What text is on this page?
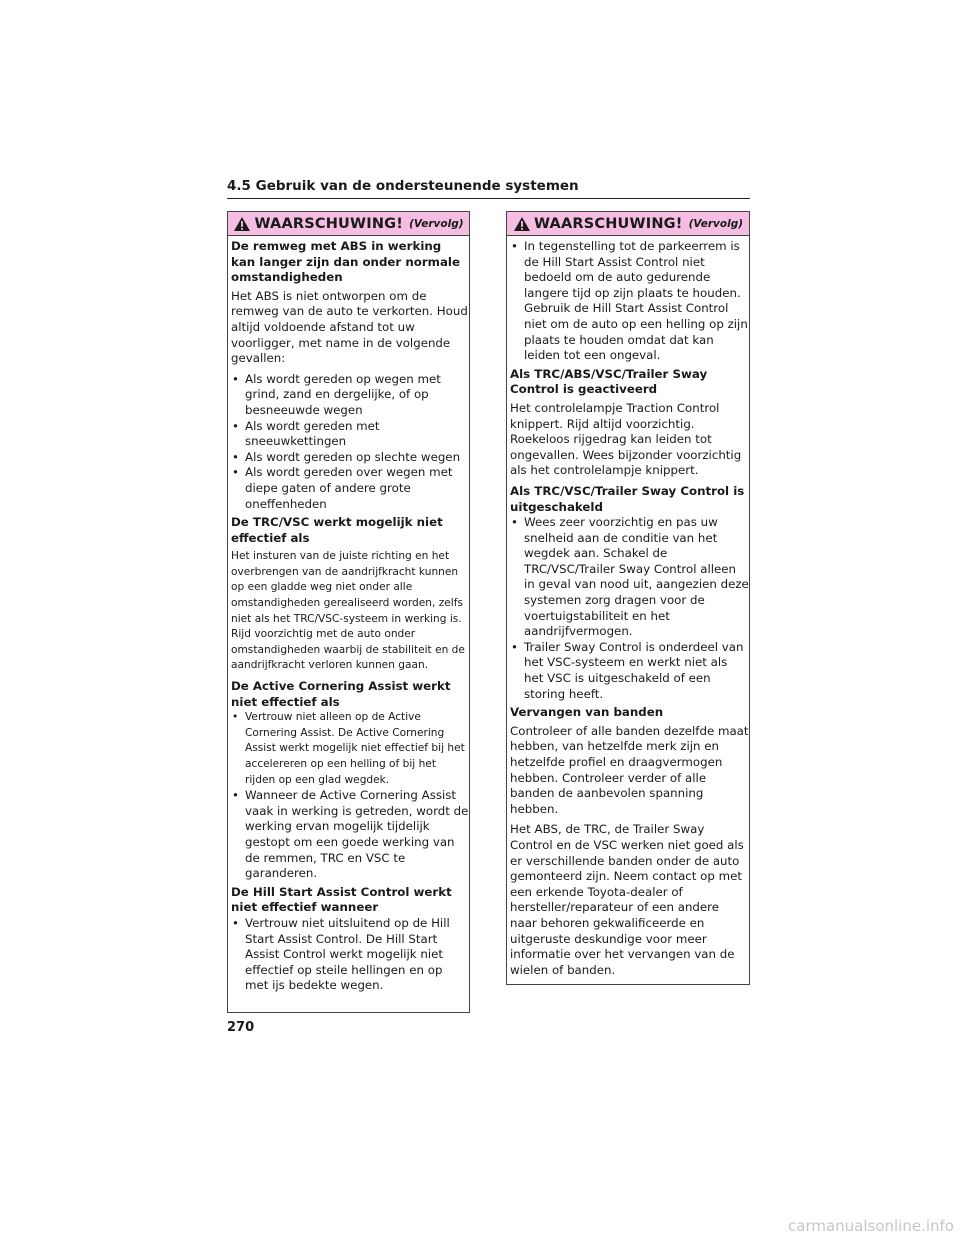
4.5 Gebruik van de ondersteunende systemen
WAARSCHUWING! (Vervolg)
De remweg met ABS in werking kan langer zijn dan onder normale omstandigheden

Het ABS is niet ontworpen om de remweg van de auto te verkorten. Houd altijd voldoende afstand tot uw voorligger, met name in de volgende gevallen:

• Als wordt gereden op wegen met grind, zand en dergelijke, of op besneeuwde wegen
• Als wordt gereden met sneeuwkettingen
• Als wordt gereden op slechte wegen
• Als wordt gereden over wegen met diepe gaten of andere grote oneffenheden
De TRC/VSC werkt mogelijk niet effectief als

Het insturen van de juiste richting en het overbrengen van de aandrijfkracht kunnen op een gladde weg niet onder alle omstandigheden gerealiseerd worden, zelfs niet als het TRC/VSC-systeem in werking is. Rijd voorzichtig met de auto onder omstandigheden waarbij de stabiliteit en de aandrijfkracht verloren kunnen gaan.

De Active Cornering Assist werkt niet effectief als
• Vertrouw niet alleen op de Active Cornering Assist. De Active Cornering Assist werkt mogelijk niet effectief bij het accelereren op een helling of bij het rijden op een glad wegdek.
• Wanneer de Active Cornering Assist vaak in werking is getreden, wordt de werking ervan mogelijk tijdelijk gestopt om een goede werking van de remmen, TRC en VSC te garanderen.
De Hill Start Assist Control werkt niet effectief wanneer
• Vertrouw niet uitsluitend op de Hill Start Assist Control. De Hill Start Assist Control werkt mogelijk niet effectief op steile hellingen en op met ijs bedekte wegen.
WAARSCHUWING! (Vervolg)
• In tegenstelling tot de parkeerrem is de Hill Start Assist Control niet bedoeld om de auto gedurende langere tijd op zijn plaats te houden. Gebruik de Hill Start Assist Control niet om de auto op een helling op zijn plaats te houden omdat dat kan leiden tot een ongeval.
Als TRC/ABS/VSC/Trailer Sway Control is geactiveerd

Het controlelampje Traction Control knippert. Rijd altijd voorzichtig. Roekeloos rijgedrag kan leiden tot ongevallen. Wees bijzonder voorzichtig als het controlelampje knippert.

Als TRC/VSC/Trailer Sway Control is uitgeschakeld
• Wees zeer voorzichtig en pas uw snelheid aan de conditie van het wegdek aan. Schakel de TRC/VSC/Trailer Sway Control alleen in geval van nood uit, aangezien deze systemen zorg dragen voor de voertuigstabiliteit en het aandrijfvermogen.
• Trailer Sway Control is onderdeel van het VSC-systeem en werkt niet als het VSC is uitgeschakeld of een storing heeft.
Vervangen van banden

Controleer of alle banden dezelfde maat hebben, van hetzelfde merk zijn en hetzelfde profiel en draagvermogen hebben. Controleer verder of alle banden de aanbevolen spanning hebben.

Het ABS, de TRC, de Trailer Sway Control en de VSC werken niet goed als er verschillende banden onder de auto gemonteerd zijn. Neem contact op met een erkende Toyota-dealer of hersteller/reparateur of een andere naar behoren gekwalificeerde en uitgeruste deskundige voor meer informatie over het vervangen van de wielen of banden.

270
carmanualsonline.info
